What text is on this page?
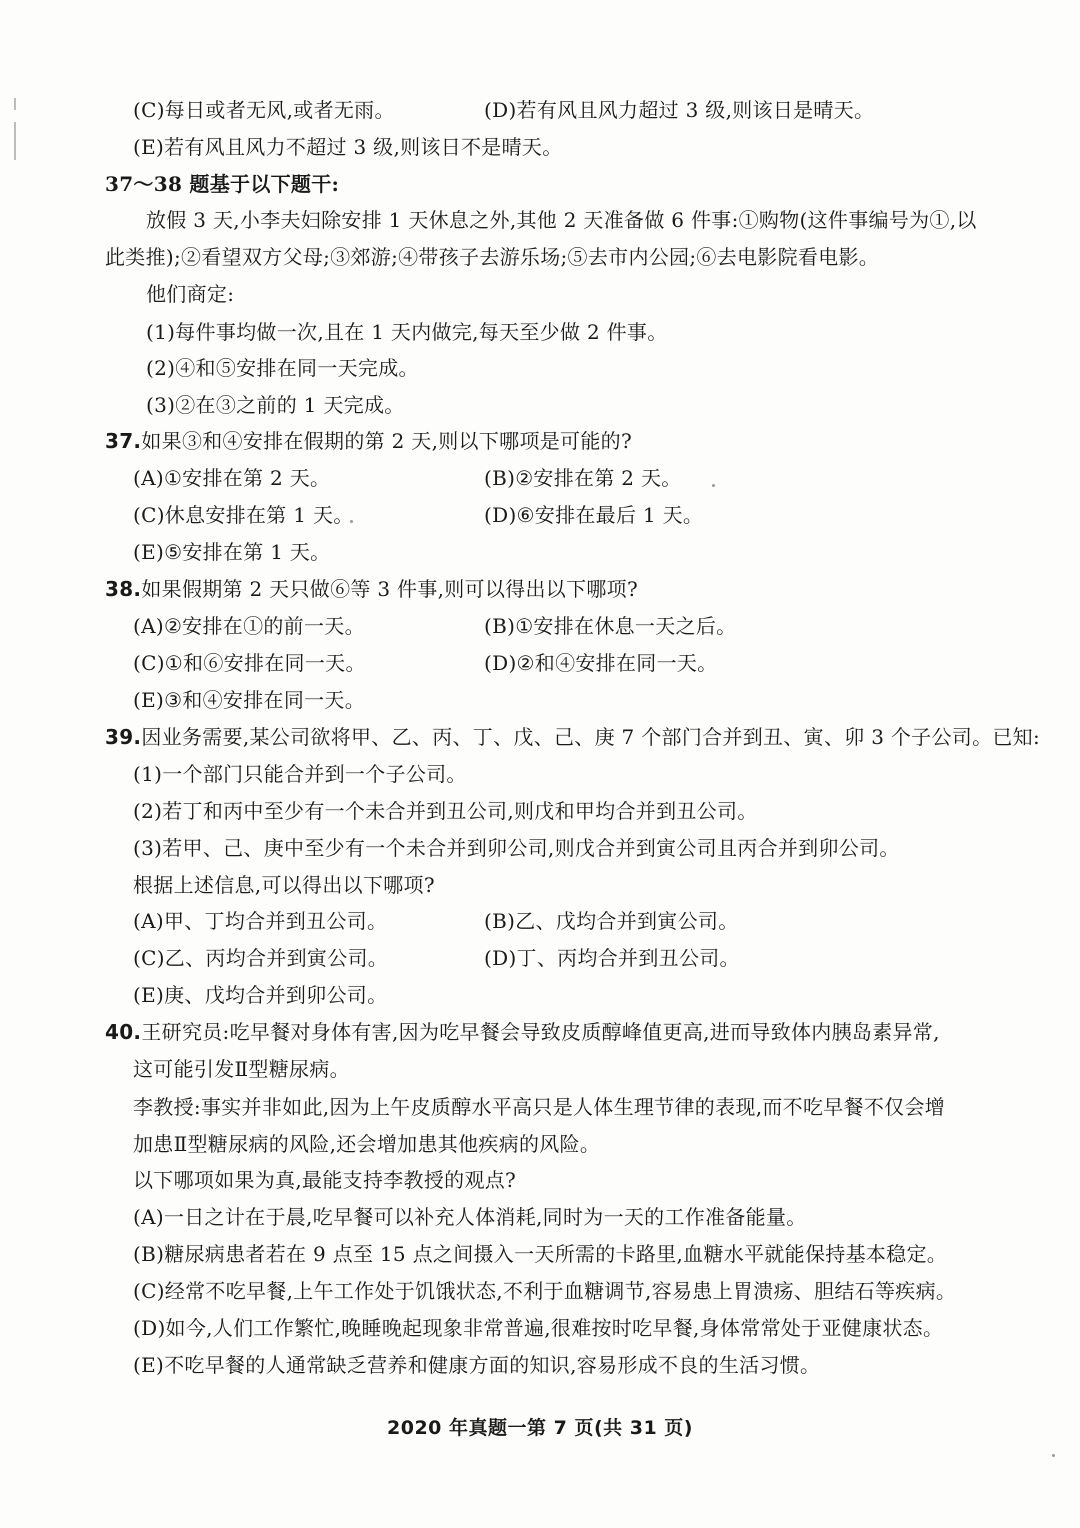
(C)每日或者无风,或者无雨。	(D)若有风且风力超过 3 级,则该日是晴天。
(E)若有风且风力不超过 3 级,则该日不是晴天。
37～38 题基于以下题干:
放假 3 天,小李夫妇除安排 1 天休息之外,其他 2 天准备做 6 件事:①购物(这件事编号为①,以
此类推);②看望双方父母;③郊游;④带孩子去游乐场;⑤去市内公园;⑥去电影院看电影。
他们商定:
(1)每件事均做一次,且在 1 天内做完,每天至少做 2 件事。
(2)④和⑤安排在同一天完成。
(3)②在③之前的 1 天完成。
37.如果③和④安排在假期的第 2 天,则以下哪项是可能的?
(A)①安排在第 2 天。	(B)②安排在第 2 天。
(C)休息安排在第 1 天。	(D)⑥安排在最后 1 天。
(E)⑤安排在第 1 天。
38.如果假期第 2 天只做⑥等 3 件事,则可以得出以下哪项?
(A)②安排在①的前一天。	(B)①安排在休息一天之后。
(C)①和⑥安排在同一天。	(D)②和④安排在同一天。
(E)③和④安排在同一天。
39.因业务需要,某公司欲将甲、乙、丙、丁、戊、己、庚 7 个部门合并到丑、寅、卯 3 个子公司。已知:
(1)一个部门只能合并到一个子公司。
(2)若丁和丙中至少有一个未合并到丑公司,则戊和甲均合并到丑公司。
(3)若甲、己、庚中至少有一个未合并到卯公司,则戊合并到寅公司且丙合并到卯公司。
根据上述信息,可以得出以下哪项?
(A)甲、丁均合并到丑公司。	(B)乙、戊均合并到寅公司。
(C)乙、丙均合并到寅公司。	(D)丁、丙均合并到丑公司。
(E)庚、戊均合并到卯公司。
40.王研究员:吃早餐对身体有害,因为吃早餐会导致皮质醇峰值更高,进而导致体内胰岛素异常,
这可能引发Ⅱ型糖尿病。
李教授:事实并非如此,因为上午皮质醇水平高只是人体生理节律的表现,而不吃早餐不仅会增
加患Ⅱ型糖尿病的风险,还会增加患其他疾病的风险。
以下哪项如果为真,最能支持李教授的观点?
(A)一日之计在于晨,吃早餐可以补充人体消耗,同时为一天的工作准备能量。
(B)糖尿病患者若在 9 点至 15 点之间摄入一天所需的卡路里,血糖水平就能保持基本稳定。
(C)经常不吃早餐,上午工作处于饥饿状态,不利于血糖调节,容易患上胃溃疡、胆结石等疾病。
(D)如今,人们工作繁忙,晚睡晚起现象非常普遍,很难按时吃早餐,身体常常处于亚健康状态。
(E)不吃早餐的人通常缺乏营养和健康方面的知识,容易形成不良的生活习惯。
2020 年真题一第 7 页(共 31 页)
